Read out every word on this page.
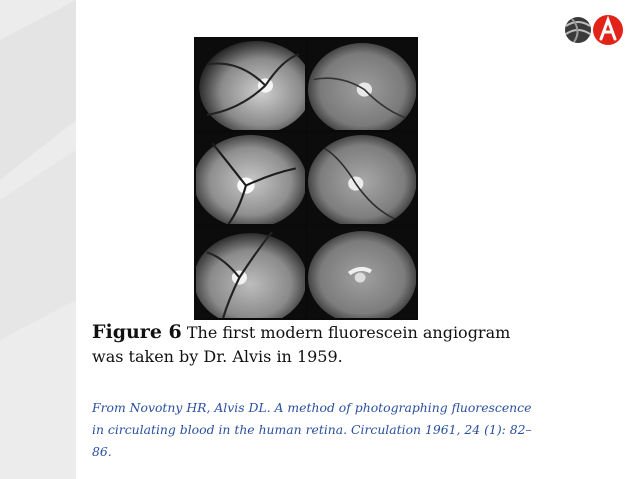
Figure 6 The first modern fluorescein angiogram was taken by Dr. Alvis in 1959.
From Novotny HR, Alvis DL. A method of photographing fluorescence in circulating blood in the human retina. Circulation 1961, 24 (1): 82–86.
